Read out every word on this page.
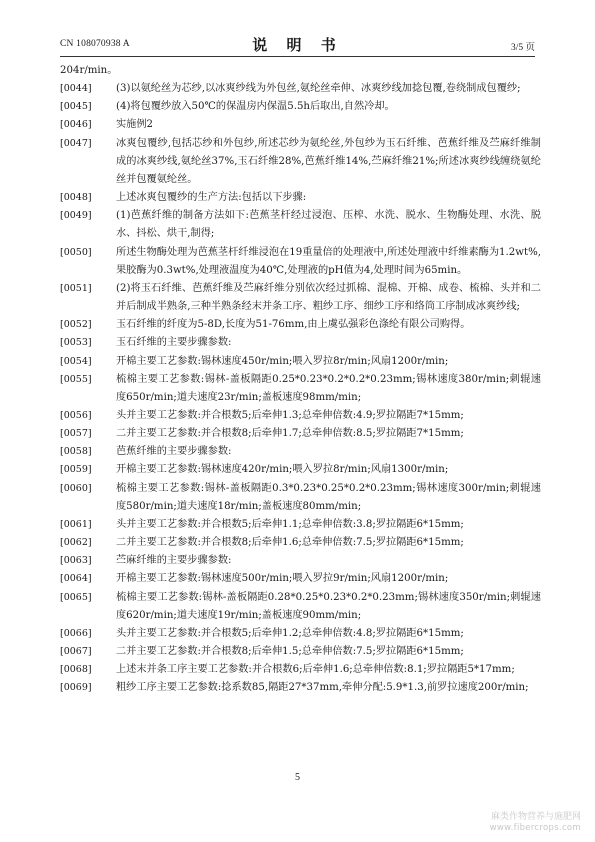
CN 108070938 A	说 明 书	3/5 页
204r/min。
[0044]	(3)以氨纶丝为芯纱,以冰爽纱线为外包丝,氨纶丝牵伸、冰爽纱线加捻包覆,卷绕制成包覆纱;
[0045]	(4)将包覆纱放入50℃的保温房内保温5.5h后取出,自然冷却。
[0046]	实施例2
[0047]	冰爽包覆纱,包括芯纱和外包纱,所述芯纱为氨纶丝,外包纱为玉石纤维、芭蕉纤维及苎麻纤维制成的冰爽纱线,氨纶丝37%,玉石纤维28%,芭蕉纤维14%,苎麻纤维21%;所述冰爽纱线缠绕氨纶丝并包覆氨纶丝。
[0048]	上述冰爽包覆纱的生产方法:包括以下步骤:
[0049]	(1)芭蕉纤维的制备方法如下:芭蕉茎杆经过浸泡、压榨、水洗、脱水、生物酶处理、水洗、脱水、抖松、烘干,制得;
[0050]	所述生物酶处理为芭蕉茎杆纤维浸泡在19重量倍的处理液中,所述处理液中纤维素酶为1.2wt%,果胶酶为0.3wt%,处理液温度为40℃,处理液的pH值为4,处理时间为65min。
[0051]	(2)将玉石纤维、芭蕉纤维及苎麻纤维分别依次经过抓棉、混棉、开棉、成卷、梳棉、头并和二并后制成半熟条,三种半熟条经末并条工序、粗纱工序、细纱工序和络筒工序制成冰爽纱线;
[0052]	玉石纤维的纤度为5-8D,长度为51-76mm,由上虞弘强彩色涤纶有限公司购得。
[0053]	玉石纤维的主要步骤参数:
[0054]	开棉主要工艺参数:锡林速度450r/min;喂入罗拉8r/min;风扇1200r/min;
[0055]	梳棉主要工艺参数:锡林-盖板隔距0.25*0.23*0.2*0.2*0.23mm;锡林速度380r/min;刺辊速度650r/min;道夫速度23r/min;盖板速度98mm/min;
[0056]	头并主要工艺参数:并合根数5;后牵伸1.3;总牵伸倍数:4.9;罗拉隔距7*15mm;
[0057]	二并主要工艺参数:并合根数8;后牵伸1.7;总牵伸倍数:8.5;罗拉隔距7*15mm;
[0058]	芭蕉纤维的主要步骤参数:
[0059]	开棉主要工艺参数:锡林速度420r/min;喂入罗拉8r/min;风扇1300r/min;
[0060]	梳棉主要工艺参数:锡林-盖板隔距0.3*0.23*0.25*0.2*0.23mm;锡林速度300r/min;刺辊速度580r/min;道夫速度18r/min;盖板速度80mm/min;
[0061]	头并主要工艺参数:并合根数5;后牵伸1.1;总牵伸倍数:3.8;罗拉隔距6*15mm;
[0062]	二并主要工艺参数:并合根数8;后牵伸1.6;总牵伸倍数:7.5;罗拉隔距6*15mm;
[0063]	苎麻纤维的主要步骤参数:
[0064]	开棉主要工艺参数:锡林速度500r/min;喂入罗拉9r/min;风扇1200r/min;
[0065]	梳棉主要工艺参数:锡林-盖板隔距0.28*0.25*0.23*0.2*0.23mm;锡林速度350r/min;刺辊速度620r/min;道夫速度19r/min;盖板速度90mm/min;
[0066]	头并主要工艺参数:并合根数5;后牵伸1.2;总牵伸倍数:4.8;罗拉隔距6*15mm;
[0067]	二并主要工艺参数:并合根数8;后牵伸1.5;总牵伸倍数:7.5;罗拉隔距6*15mm;
[0068]	上述末并条工序主要工艺参数:并合根数6;后牵伸1.6;总牵伸倍数:8.1;罗拉隔距5*17mm;
[0069]	粗纱工序主要工艺参数:捻系数85,隔距27*37mm,牵伸分配:5.9*1.3,前罗拉速度200r/min;
5
麻类作物营养与施肥网
www.fibercrops.com
